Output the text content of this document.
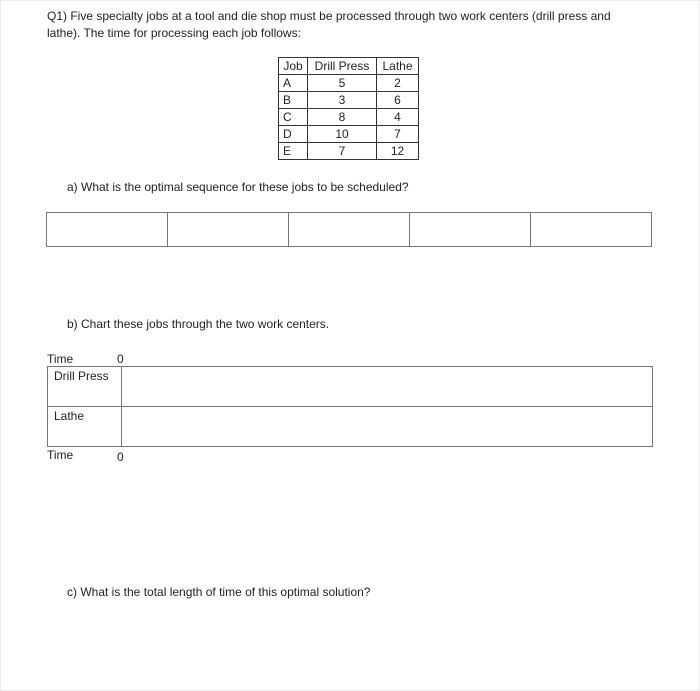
Q1) Five specialty jobs at a tool and die shop must be processed through two work centers (drill press and
lathe). The time for processing each job follows:
Job	Drill Press	Lathe
A	5	2
B	3	6
C	8	4
D	10	7
E	7	12
a) What is the optimal sequence for these jobs to be scheduled?
b) Chart these jobs through the two work centers.
Time	0
Drill Press
Lathe
Time	0
c) What is the total length of time of this optimal solution?
